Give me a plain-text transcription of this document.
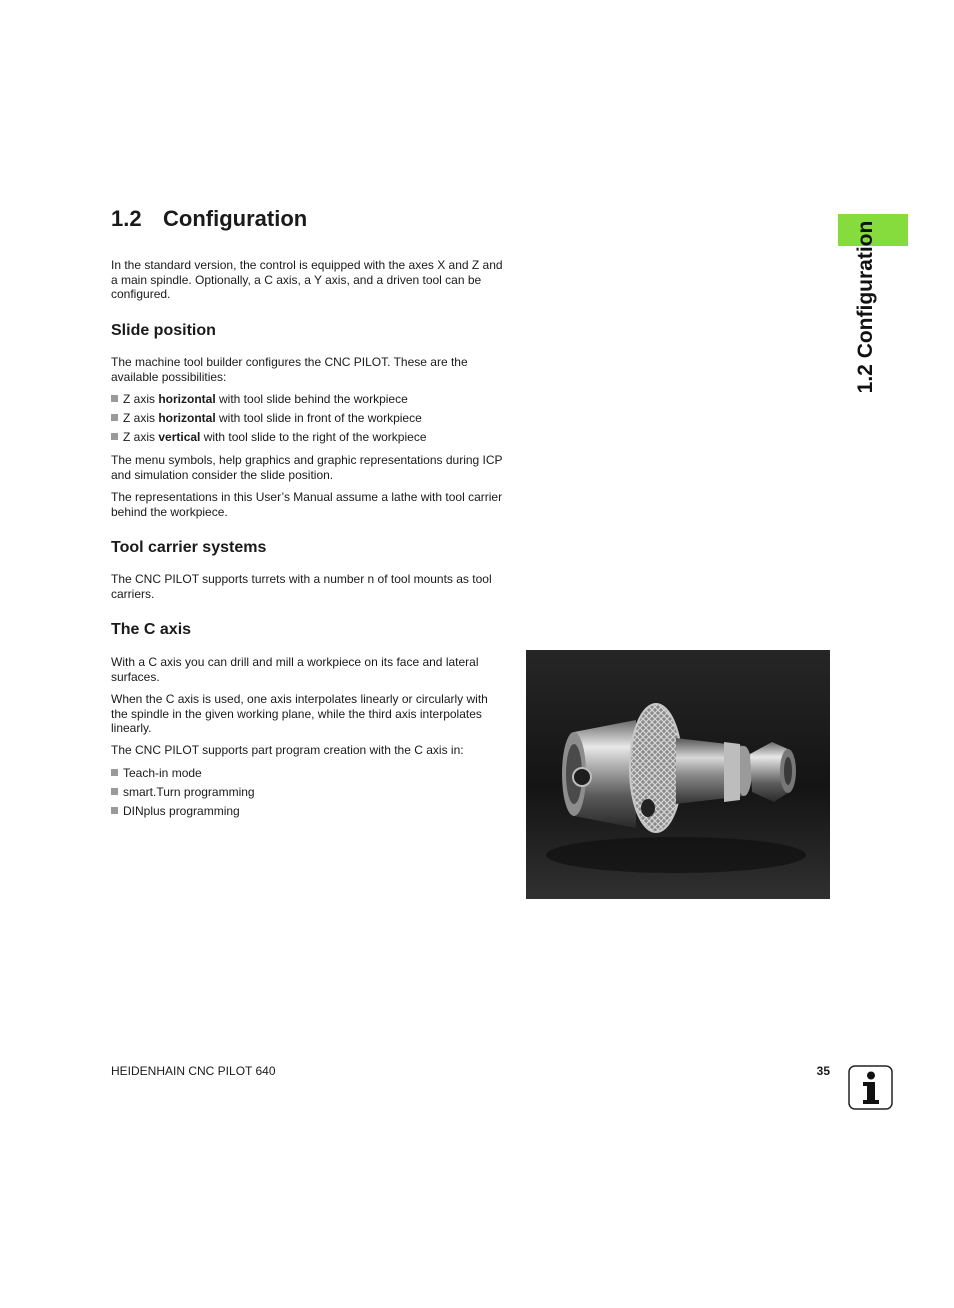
1.2 Configuration

In the standard version, the control is equipped with the axes X and Z and a main spindle. Optionally, a C axis, a Y axis, and a driven tool can be configured.	1.2 Configuration
Slide position

The machine tool builder configures the CNC PILOT. These are the available possibilities:

Z axis horizontal with tool slide behind the workpiece
Z axis horizontal with tool slide in front of the workpiece
Z axis vertical with tool slide to the right of the workpiece

The menu symbols, help graphics and graphic representations during ICP and simulation consider the slide position.

The representations in this User’s Manual assume a lathe with tool carrier behind the workpiece.

Tool carrier systems

The CNC PILOT supports turrets with a number n of tool mounts as tool carriers.

The C axis

With a C axis you can drill and mill a workpiece on its face and lateral surfaces.

When the C axis is used, one axis interpolates linearly or circularly with the spindle in the given working plane, while the third axis interpolates linearly.

The CNC PILOT supports part program creation with the C axis in:

Teach-in mode
smart.Turn programming
DINplus programming
HEIDENHAIN CNC PILOT 640	35
